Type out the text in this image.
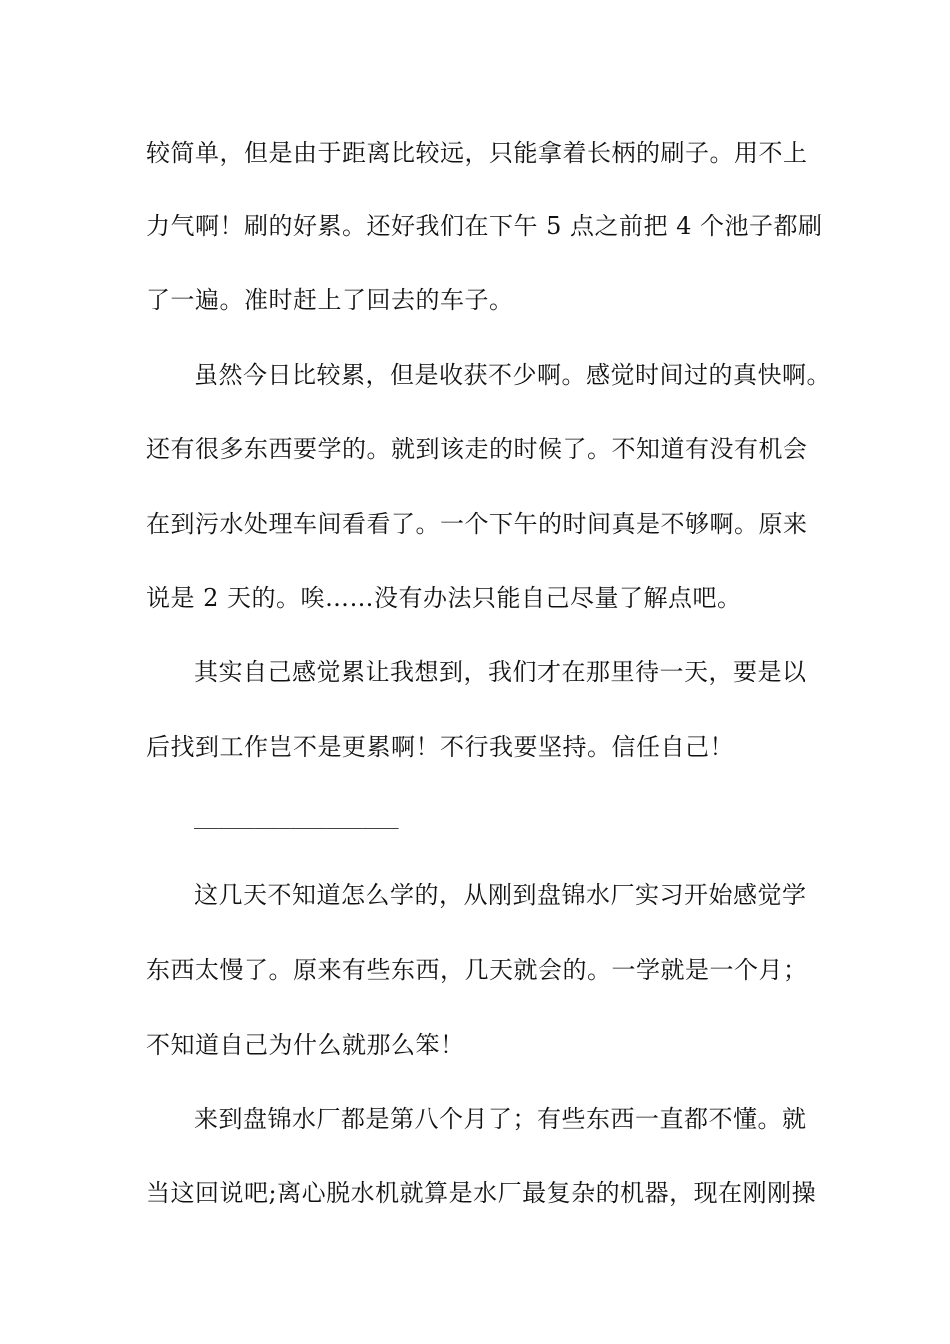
较简单，但是由于距离比较远，只能拿着长柄的刷子。用不上
力气啊！刷的好累。还好我们在下午 5 点之前把 4 个池子都刷
了一遍。准时赶上了回去的车子。
虽然今日比较累，但是收获不少啊。感觉时间过的真快啊。
还有很多东西要学的。就到该走的时候了。不知道有没有机会
在到污水处理车间看看了。一个下午的时间真是不够啊。原来
说是 2 天的。唉……没有办法只能自己尽量了解点吧。
其实自己感觉累让我想到，我们才在那里待一天，要是以
后找到工作岂不是更累啊！不行我要坚持。信任自己！
_________________
这几天不知道怎么学的，从刚到盘锦水厂实习开始感觉学
东西太慢了。原来有些东西，几天就会的。一学就是一个月；
不知道自己为什么就那么笨！
来到盘锦水厂都是第八个月了；有些东西一直都不懂。就
当这回说吧;离心脱水机就算是水厂最复杂的机器，现在刚刚操
